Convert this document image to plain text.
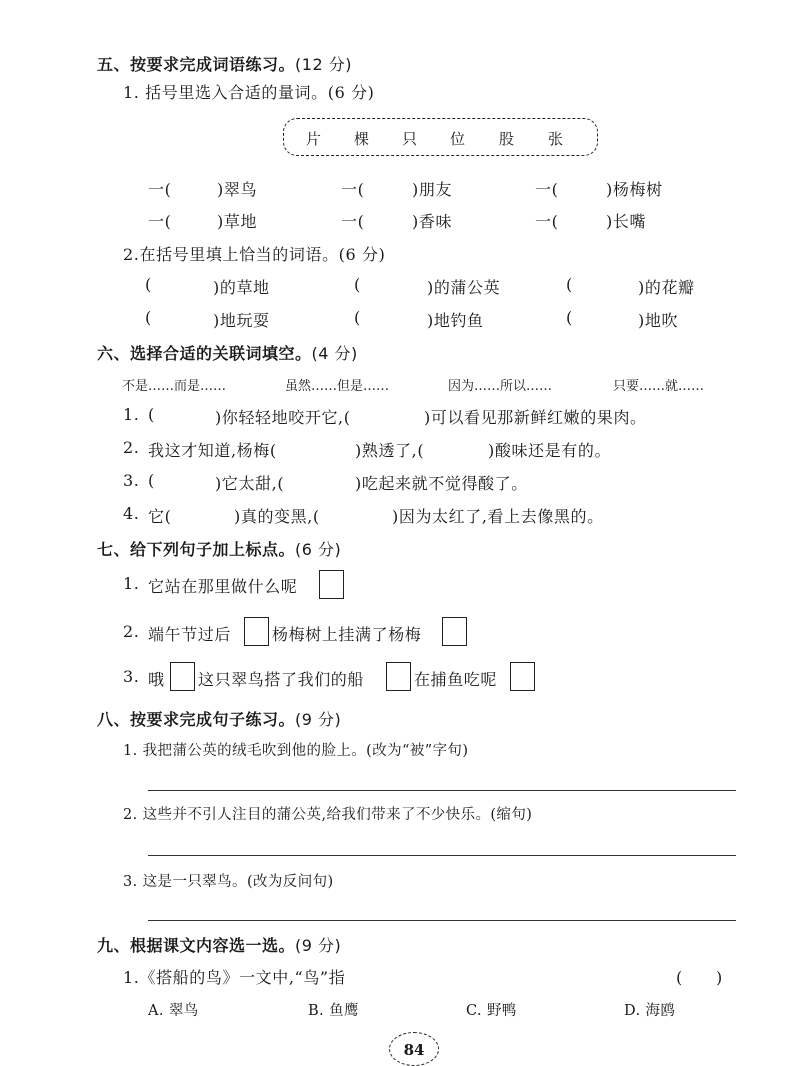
五、按要求完成词语练习。(12 分)
1. 括号里选入合适的量词。(6 分)
片 棵 只 位 股 张
一(	)翠鸟	一(	)朋友	一(	)杨梅树
一(	)草地	一(	)香味	一(	)长嘴
2.在括号里填上恰当的词语。(6 分)
(	)的草地	(	)的蒲公英	(	)的花瓣
(	)地玩耍	(	)地钓鱼	(	)地吹
六、选择合适的关联词填空。(4 分)
不是……而是……	虽然……但是……	因为……所以……	只要……就……
1. (	)你轻轻地咬开它,(	)可以看见那新鲜红嫩的果肉。
2. 我这才知道,杨梅(	)熟透了,(	)酸味还是有的。
3. (	)它太甜,(	)吃起来就不觉得酸了。
4. 它(	)真的变黑,(	)因为太红了,看上去像黑的。
七、给下列句子加上标点。(6 分)
1. 它站在那里做什么呢
2. 端午节过后	杨梅树上挂满了杨梅
3. 哦 这只翠鸟搭了我们的船	在捕鱼吃呢
八、按要求完成句子练习。(9 分)
1. 我把蒲公英的绒毛吹到他的脸上。(改为“被”字句)
2. 这些并不引人注目的蒲公英,给我们带来了不少快乐。(缩句)
3. 这是一只翠鸟。(改为反问句)
九、根据课文内容选一选。(9 分)
1.《搭船的鸟》一文中,“鸟”指	(　　)
A. 翠鸟	B. 鱼鹰	C. 野鸭	D. 海鸥
84
